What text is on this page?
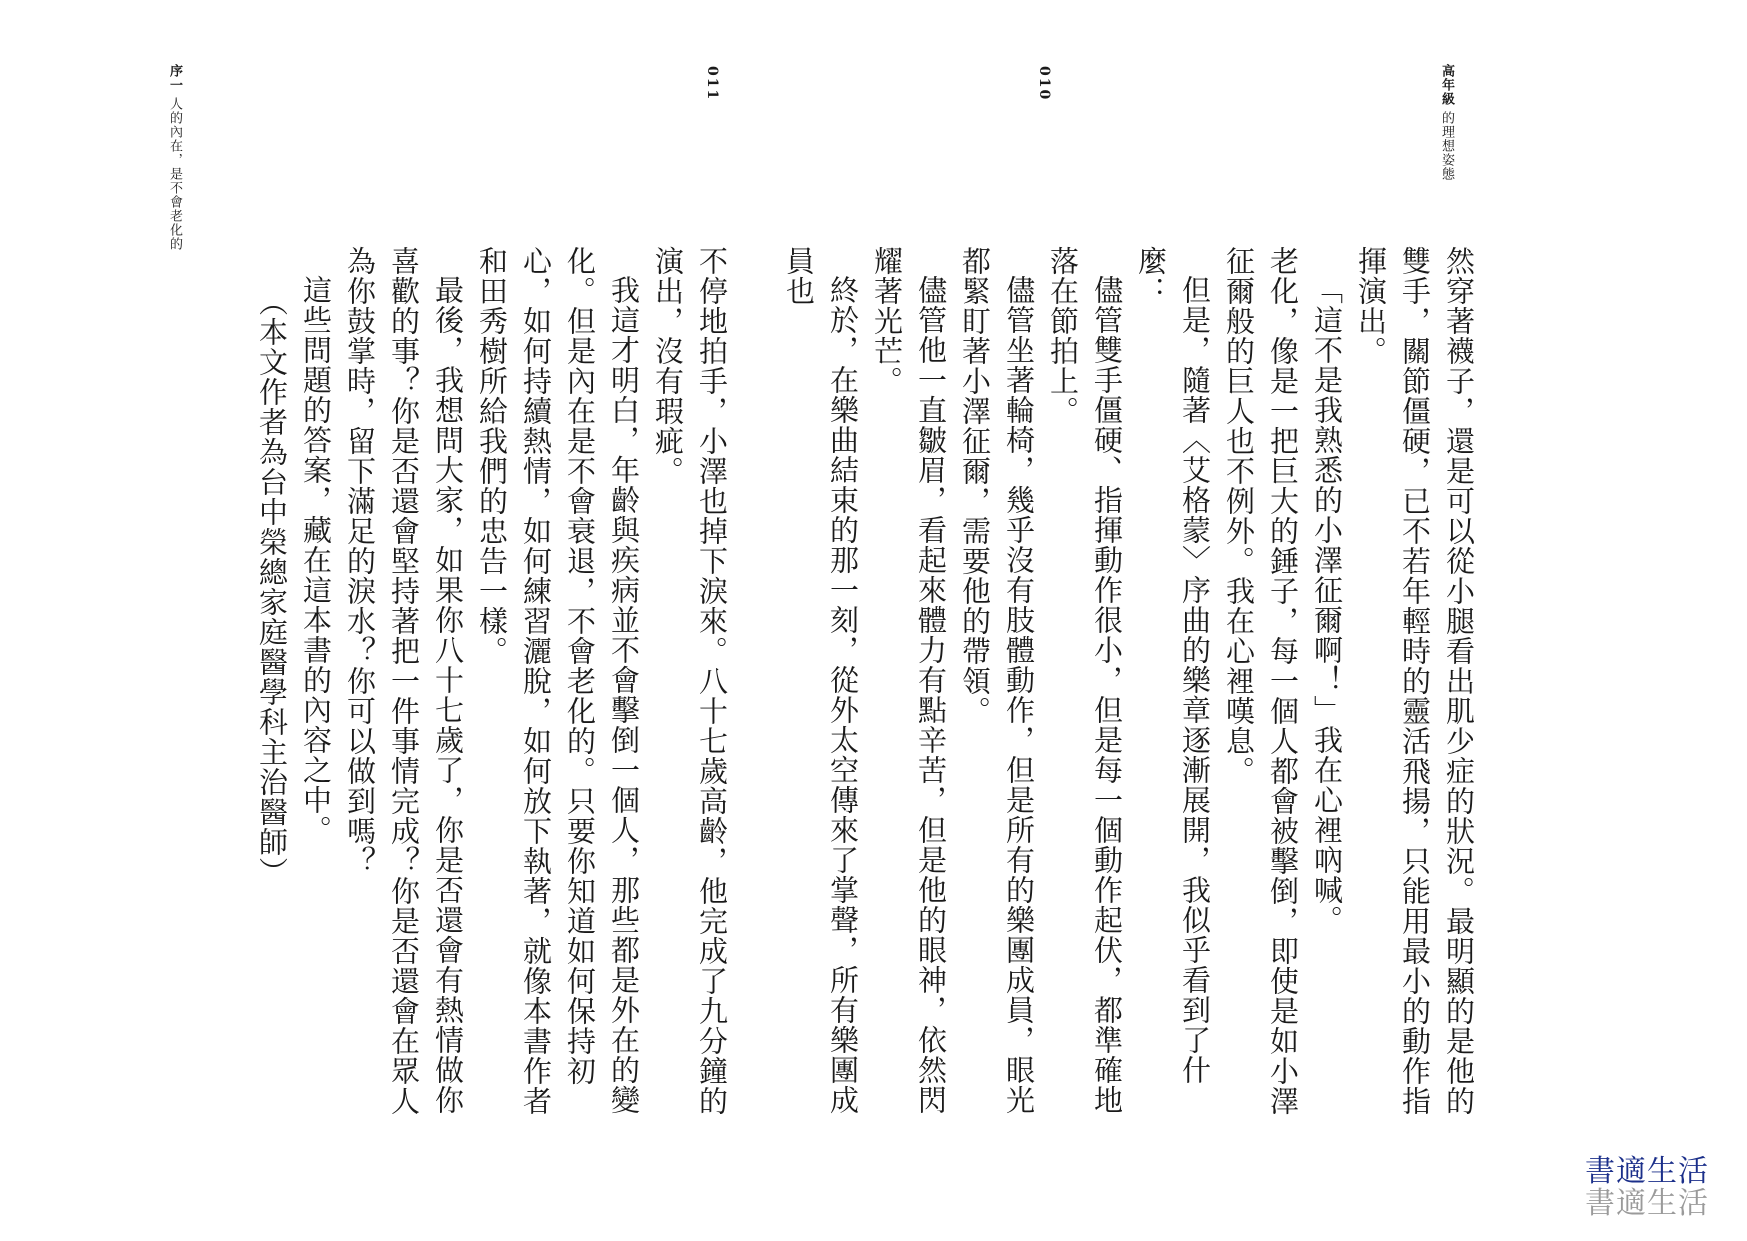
序一 人的內在，是不會老化的
011

不停地拍手，小澤也掉下淚來。八十七歲高齡，他完成了九分鐘的演出，沒有瑕疵。

我這才明白，年齡與疾病並不會擊倒一個人，那些都是外在的變化。但是內在是不會衰退，不會老化的。只要你知道如何保持初心，如何持續熱情，如何練習灑脫，如何放下執著，就像本書作者和田秀樹所給我們的忠告一樣。

最後，我想問大家，如果你八十七歲了，你是否還會有熱情做你喜歡的事？你是否還會堅持著把一件事情完成？你是否還會在眾人為你鼓掌時，留下滿足的淚水？你可以做到嗎？

這些問題的答案，藏在這本書的內容之中。

（本文作者為台中榮總家庭醫學科主治醫師）

高年級 的理想姿態
010

然穿著襪子，還是可以從小腿看出肌少症的狀況。最明顯的是他的雙手，關節僵硬，已不若年輕時的靈活飛揚，只能用最小的動作指揮演出。

「這不是我熟悉的小澤征爾啊！」我在心裡吶喊。

老化，像是一把巨大的錘子，每一個人都會被擊倒，即使是如小澤征爾般的巨人也不例外。我在心裡嘆息。

但是，隨著〈艾格蒙〉序曲的樂章逐漸展開，我似乎看到了什麼：

儘管雙手僵硬、指揮動作很小，但是每一個動作起伏，都準確地落在節拍上。

儘管坐著輪椅，幾乎沒有肢體動作，但是所有的樂團成員，眼光都緊盯著小澤征爾，需要他的帶領。

儘管他一直皺眉，看起來體力有點辛苦，但是他的眼神，依然閃耀著光芒。

終於，在樂曲結束的那一刻，從外太空傳來了掌聲，所有樂團成員也

書適生活
書適生活
